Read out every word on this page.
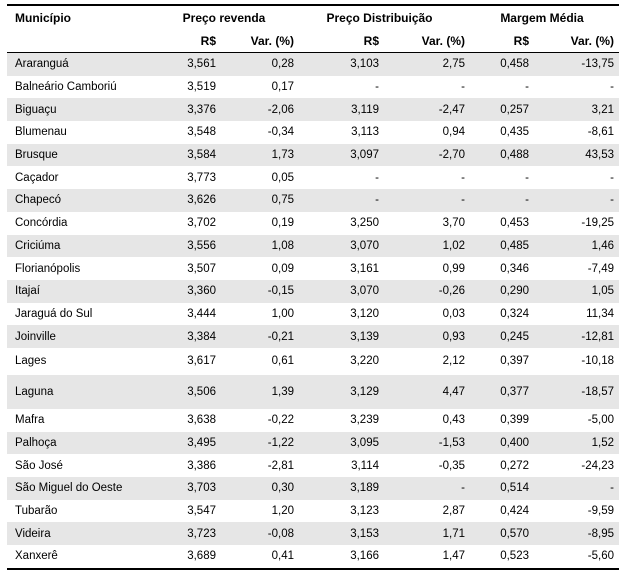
Município	Preço revenda	Preço Distribuição	Margem Média
R$	Var. (%)	R$	Var. (%)	R$	Var. (%)
Araranguá	3,561	0,28	3,103	2,75	0,458	-13,75
Balneário Camboriú	3,519	0,17	-	-	-	-
Biguaçu	3,376	-2,06	3,119	-2,47	0,257	3,21
Blumenau	3,548	-0,34	3,113	0,94	0,435	-8,61
Brusque	3,584	1,73	3,097	-2,70	0,488	43,53
Caçador	3,773	0,05	-	-	-	-
Chapecó	3,626	0,75	-	-	-	-
Concórdia	3,702	0,19	3,250	3,70	0,453	-19,25
Criciúma	3,556	1,08	3,070	1,02	0,485	1,46
Florianópolis	3,507	0,09	3,161	0,99	0,346	-7,49
Itajaí	3,360	-0,15	3,070	-0,26	0,290	1,05
Jaraguá do Sul	3,444	1,00	3,120	0,03	0,324	11,34
Joinville	3,384	-0,21	3,139	0,93	0,245	-12,81
Lages	3,617	0,61	3,220	2,12	0,397	-10,18
Laguna	3,506	1,39	3,129	4,47	0,377	-18,57
Mafra	3,638	-0,22	3,239	0,43	0,399	-5,00
Palhoça	3,495	-1,22	3,095	-1,53	0,400	1,52
São José	3,386	-2,81	3,114	-0,35	0,272	-24,23
São Miguel do Oeste	3,703	0,30	3,189	-	0,514	-
Tubarão	3,547	1,20	3,123	2,87	0,424	-9,59
Videira	3,723	-0,08	3,153	1,71	0,570	-8,95
Xanxerê	3,689	0,41	3,166	1,47	0,523	-5,60
